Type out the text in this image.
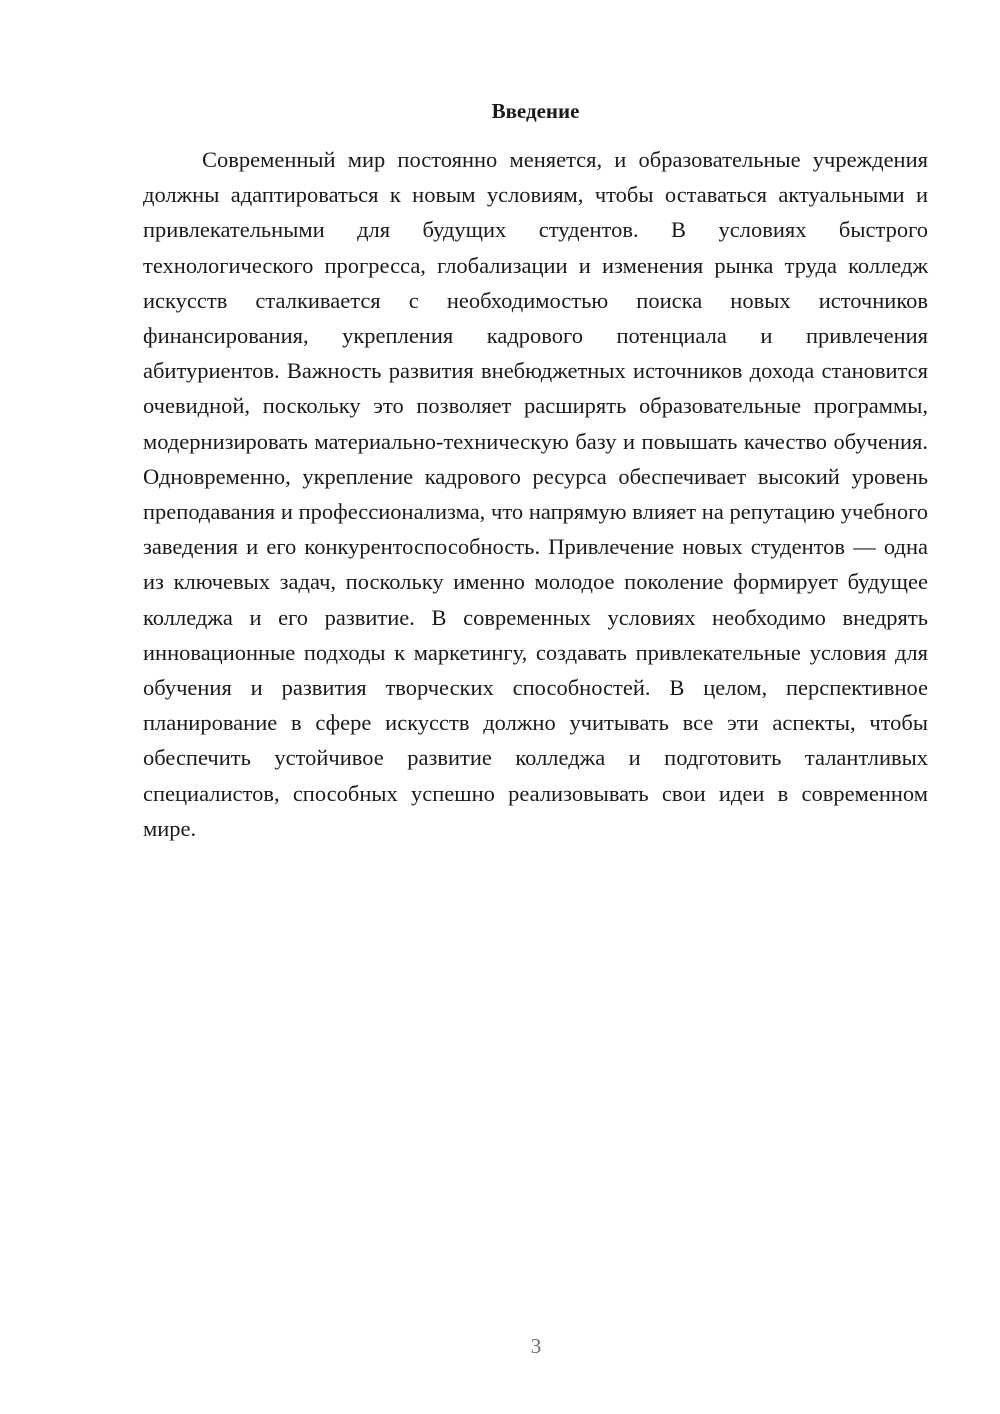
Введение

Современный мир постоянно меняется, и образовательные учреждения должны адаптироваться к новым условиям, чтобы оставаться актуальными и привлекательными для будущих студентов. В условиях быстрого технологического прогресса, глобализации и изменения рынка труда колледж искусств сталкивается с необходимостью поиска новых источников финансирования, укрепления кадрового потенциала и привлечения абитуриентов. Важность развития внебюджетных источников дохода становится очевидной, поскольку это позволяет расширять образовательные программы, модернизировать материально-техническую базу и повышать качество обучения. Одновременно, укрепление кадрового ресурса обеспечивает высокий уровень преподавания и профессионализма, что напрямую влияет на репутацию учебного заведения и его конкурентоспособность. Привлечение новых студентов — одна из ключевых задач, поскольку именно молодое поколение формирует будущее колледжа и его развитие. В современных условиях необходимо внедрять инновационные подходы к маркетингу, создавать привлекательные условия для обучения и развития творческих способностей. В целом, перспективное планирование в сфере искусств должно учитывать все эти аспекты, чтобы обеспечить устойчивое развитие колледжа и подготовить талантливых специалистов, способных успешно реализовывать свои идеи в современном мире.

3
